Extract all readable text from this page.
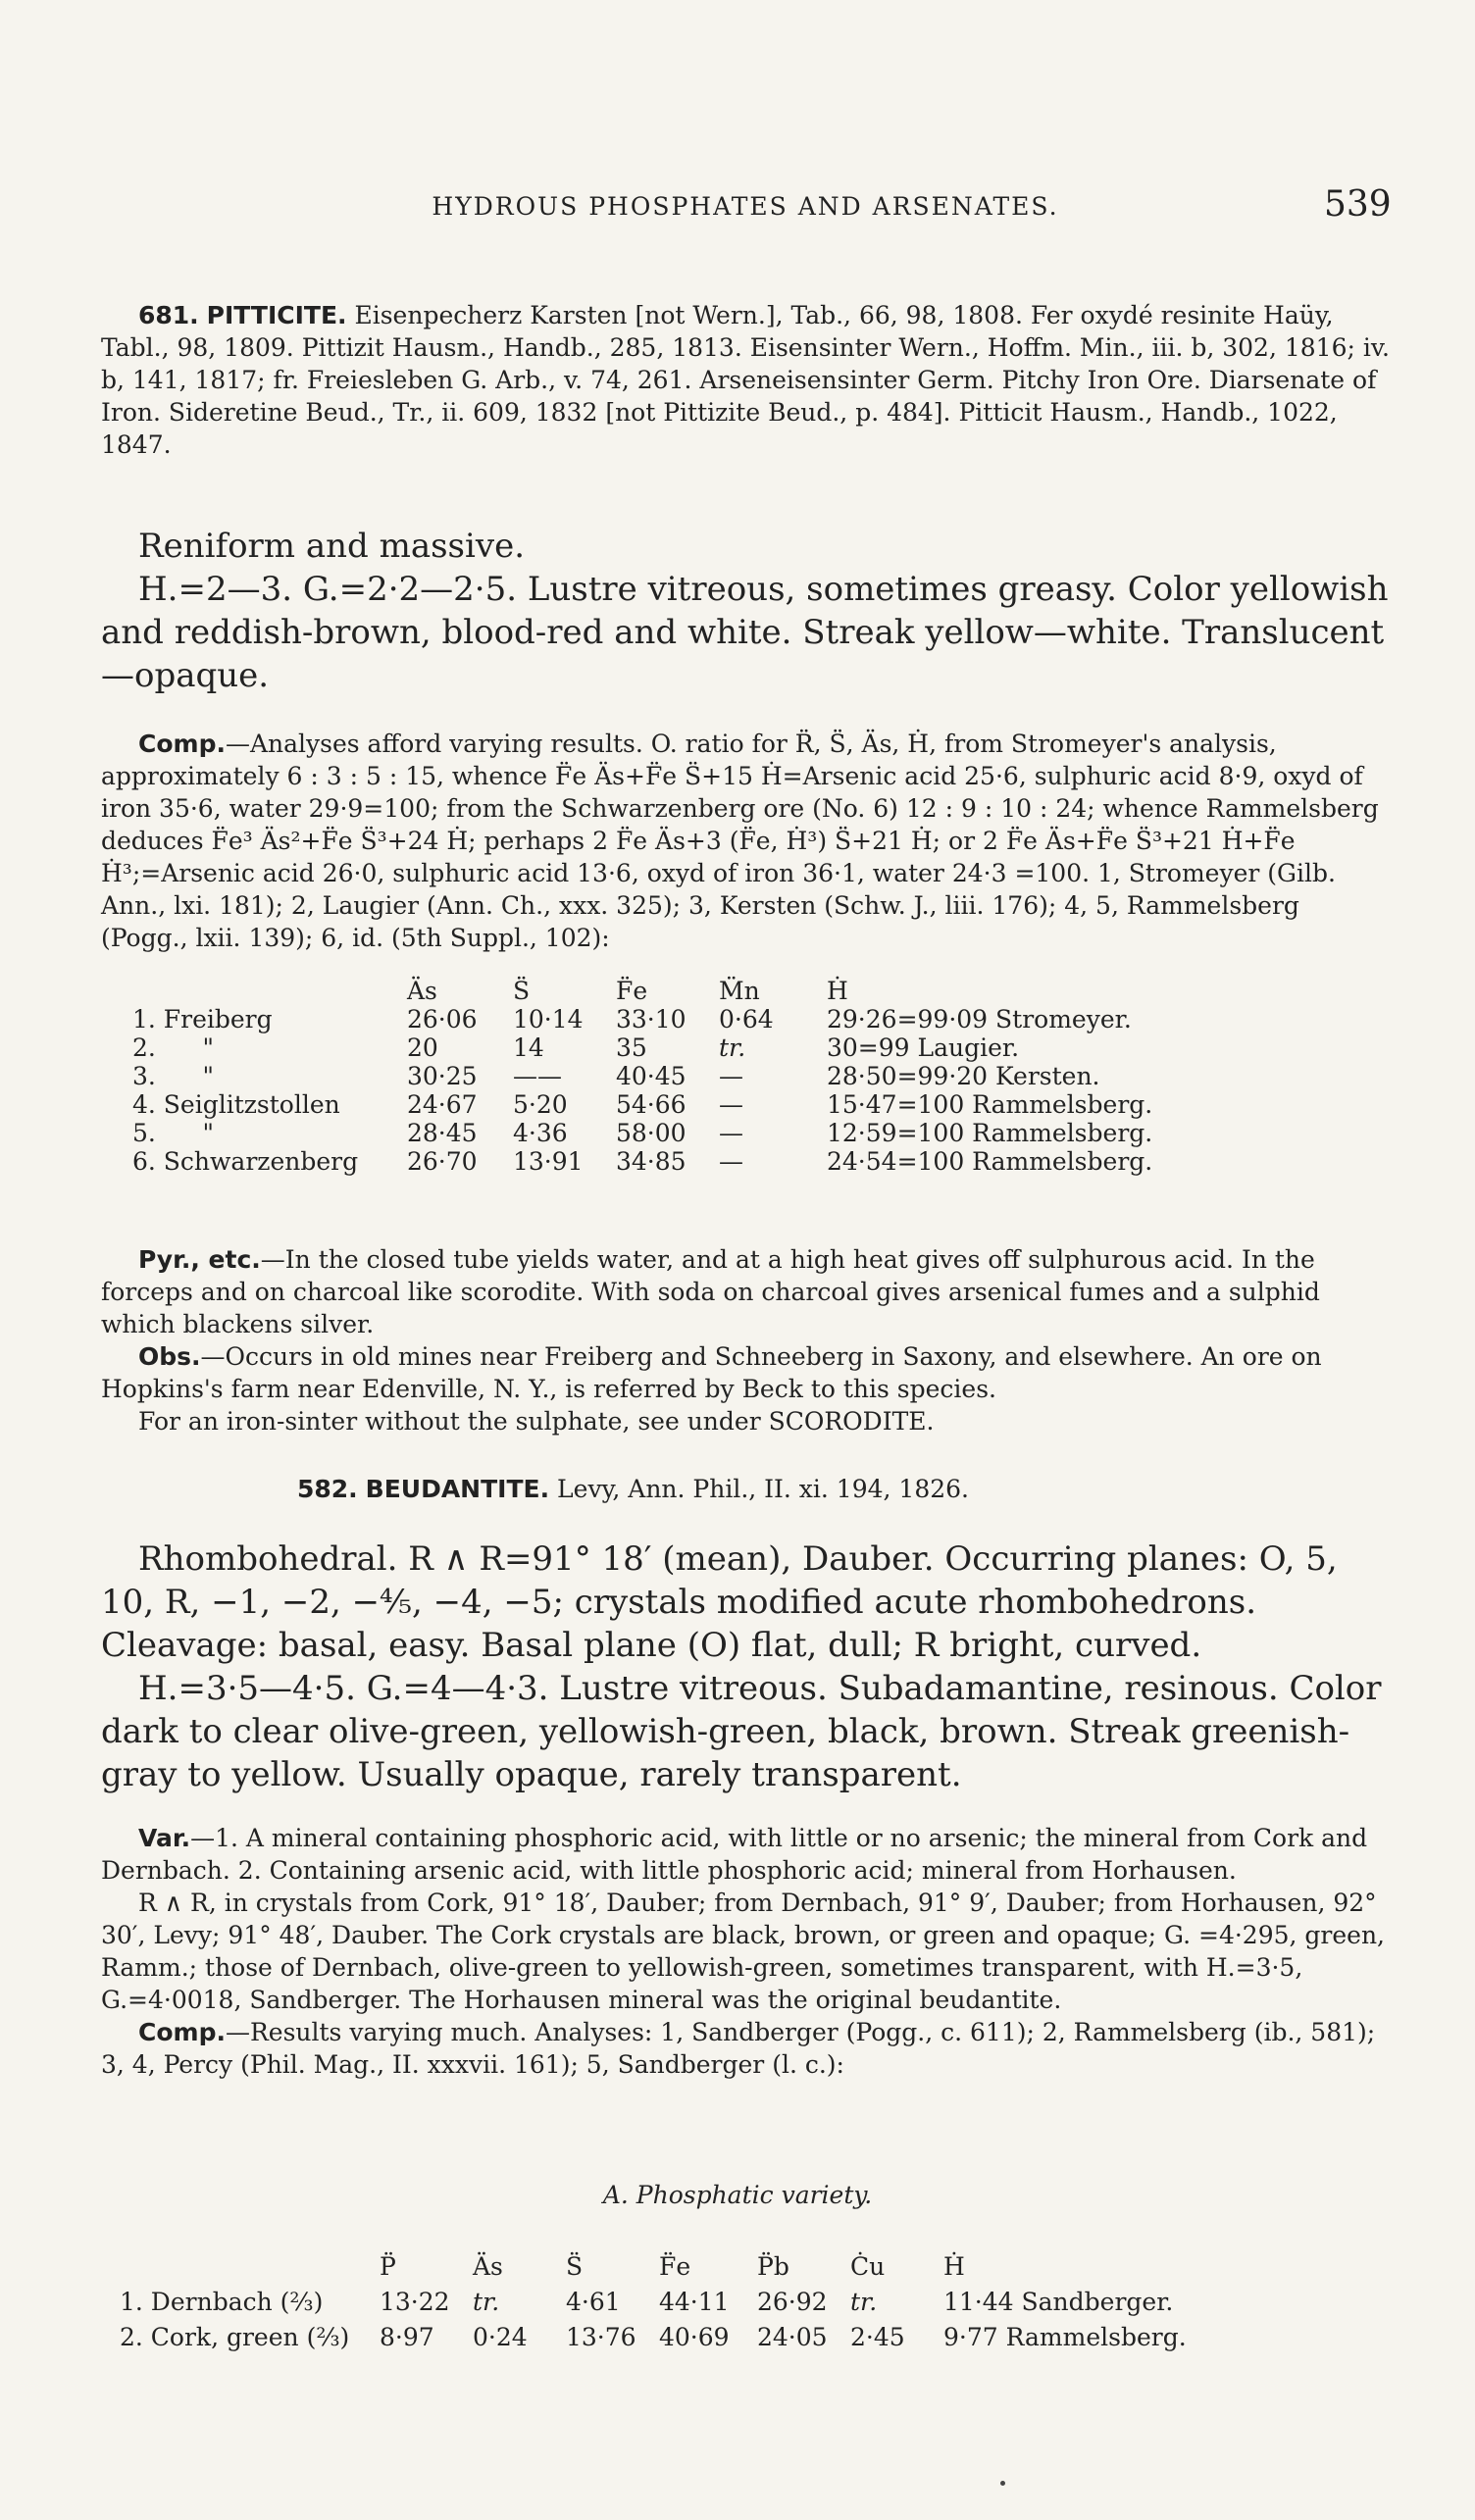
HYDROUS PHOSPHATES AND ARSENATES.	539

681. PITTICITE. Eisenpecherz Karsten [not Wern.], Tab., 66, 98, 1808. Fer oxydé resinite Haüy, Tabl., 98, 1809. Pittizit Hausm., Handb., 285, 1813. Eisensinter Wern., Hoffm. Min., iii. b, 302, 1816; iv. b, 141, 1817; fr. Freiesleben G. Arb., v. 74, 261. Arseneisensinter Germ. Pitchy Iron Ore. Diarsenate of Iron. Sideretine Beud., Tr., ii. 609, 1832 [not Pittizite Beud., p. 484]. Pitticit Hausm., Handb., 1022, 1847.

Reniform and massive.

H.=2—3. G.=2·2—2·5. Lustre vitreous, sometimes greasy. Color yellowish and reddish-brown, blood-red and white. Streak yellow—white. Translucent—opaque.

Comp.—Analyses afford varying results. O. ratio for R̈, S̈, Äs, Ḣ, from Stromeyer's analysis, approximately 6 : 3 : 5 : 15, whence F̈e Äs+F̈e S̈+15 Ḣ=Arsenic acid 25·6, sulphuric acid 8·9, oxyd of iron 35·6, water 29·9=100; from the Schwarzenberg ore (No. 6) 12 : 9 : 10 : 24; whence Rammelsberg deduces F̈e³ Äs²+F̈e S̈³+24 Ḣ; perhaps 2 F̈e Äs+3 (F̈e, Ḣ³) S̈+21 Ḣ; or 2 F̈e Äs+F̈e S̈³+21 Ḣ+F̈e Ḣ³;=Arsenic acid 26·0, sulphuric acid 13·6, oxyd of iron 36·1, water 24·3 =100. 1, Stromeyer (Gilb. Ann., lxi. 181); 2, Laugier (Ann. Ch., xxx. 325); 3, Kersten (Schw. J., liii. 176); 4, 5, Rammelsberg (Pogg., lxii. 139); 6, id. (5th Suppl., 102):

	Äs	S̈	F̈e	M̈n	Ḣ
1. Freiberg	26·06	10·14	33·10	0·64	29·26=99·09 Stromeyer.
2.      "	20	14	35	tr.	30=99 Laugier.
3.      "	30·25	——	40·45	—	28·50=99·20 Kersten.
4. Seiglitzstollen	24·67	5·20	54·66	—	15·47=100 Rammelsberg.
5.      "	28·45	4·36	58·00	—	12·59=100 Rammelsberg.
6. Schwarzenberg	26·70	13·91	34·85	—	24·54=100 Rammelsberg.

Pyr., etc.—In the closed tube yields water, and at a high heat gives off sulphurous acid. In the forceps and on charcoal like scorodite. With soda on charcoal gives arsenical fumes and a sulphid which blackens silver.

Obs.—Occurs in old mines near Freiberg and Schneeberg in Saxony, and elsewhere. An ore on Hopkins's farm near Edenville, N. Y., is referred by Beck to this species.

For an iron-sinter without the sulphate, see under SCORODITE.

582. BEUDANTITE. Levy, Ann. Phil., II. xi. 194, 1826.

Rhombohedral. R ∧ R=91° 18′ (mean), Dauber. Occurring planes: O, 5, 10, R, −1, −2, −⁴⁄₅, −4, −5; crystals modified acute rhombohedrons. Cleavage: basal, easy. Basal plane (O) flat, dull; R bright, curved.

H.=3·5—4·5. G.=4—4·3. Lustre vitreous. Subadamantine, resinous. Color dark to clear olive-green, yellowish-green, black, brown. Streak greenish-gray to yellow. Usually opaque, rarely transparent.

Var.—1. A mineral containing phosphoric acid, with little or no arsenic; the mineral from Cork and Dernbach. 2. Containing arsenic acid, with little phosphoric acid; mineral from Horhausen.

R ∧ R, in crystals from Cork, 91° 18′, Dauber; from Dernbach, 91° 9′, Dauber; from Horhausen, 92° 30′, Levy; 91° 48′, Dauber. The Cork crystals are black, brown, or green and opaque; G. =4·295, green, Ramm.; those of Dernbach, olive-green to yellowish-green, sometimes transparent, with H.=3·5, G.=4·0018, Sandberger. The Horhausen mineral was the original beudantite.

Comp.—Results varying much. Analyses: 1, Sandberger (Pogg., c. 611); 2, Rammelsberg (ib., 581); 3, 4, Percy (Phil. Mag., II. xxxvii. 161); 5, Sandberger (l. c.):

A. Phosphatic variety.
	P̈	Äs	S̈	F̈e	P̈b	Ċu	Ḣ
1. Dernbach (⅔)	13·22	tr.	4·61	44·11	26·92	tr.	11·44 Sandberger.
2. Cork, green (⅔)	8·97	0·24	13·76	40·69	24·05	2·45	9·77 Rammelsberg.
